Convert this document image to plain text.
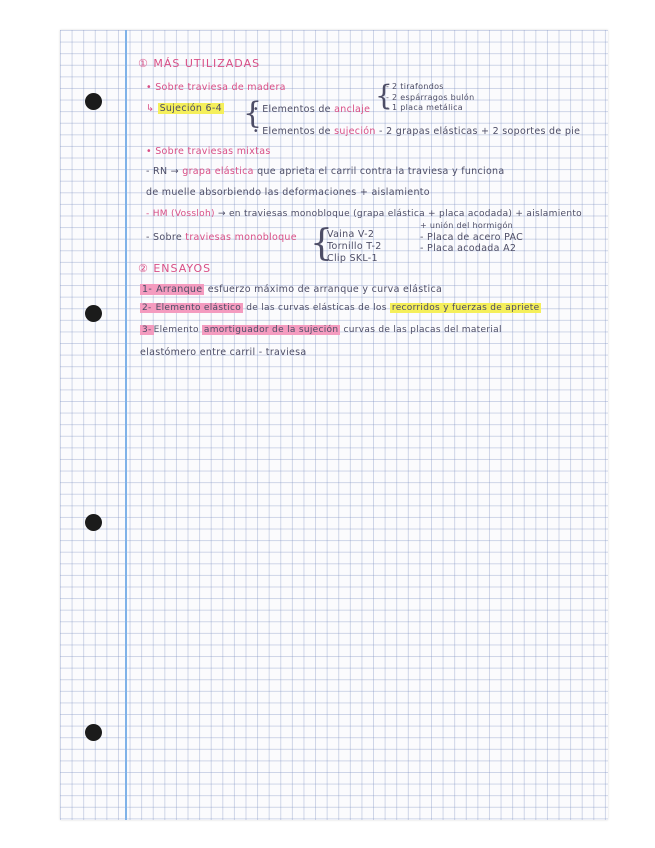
① MÁS UTILIZADAS
• Sobre traviesa de madera
↳ Sujeción 6-4 {
• Elementos de anclaje {
- 2 tirafondos
- 2 espárragos bulón
- 1 placa metálica
• Elementos de sujeción - 2 grapas elásticas + 2 soportes de pie
• Sobre traviesas mixtas
- RN → grapa elástica que aprieta el carril contra la traviesa y funciona
de muelle absorbiendo las deformaciones + aislamiento
- HM (Vossloh) → en traviesas monobloque (grapa elástica + placa acodada) + aislamiento
+ unión del hormigón
- Sobre traviesas monobloque {
- Vaina V-2
- Tornillo T-2
- Clip SKL-1
- Placa de acero PAC
- Placa acodada A2
② ENSAYOS
1- Arranque esfuerzo máximo de arranque y curva elástica
2- Elemento elástico de las curvas elásticas de los recorridos y fuerzas de apriete
3- Elemento amortiguador de la sujeción curvas de las placas del material
elastómero entre carril - traviesa
